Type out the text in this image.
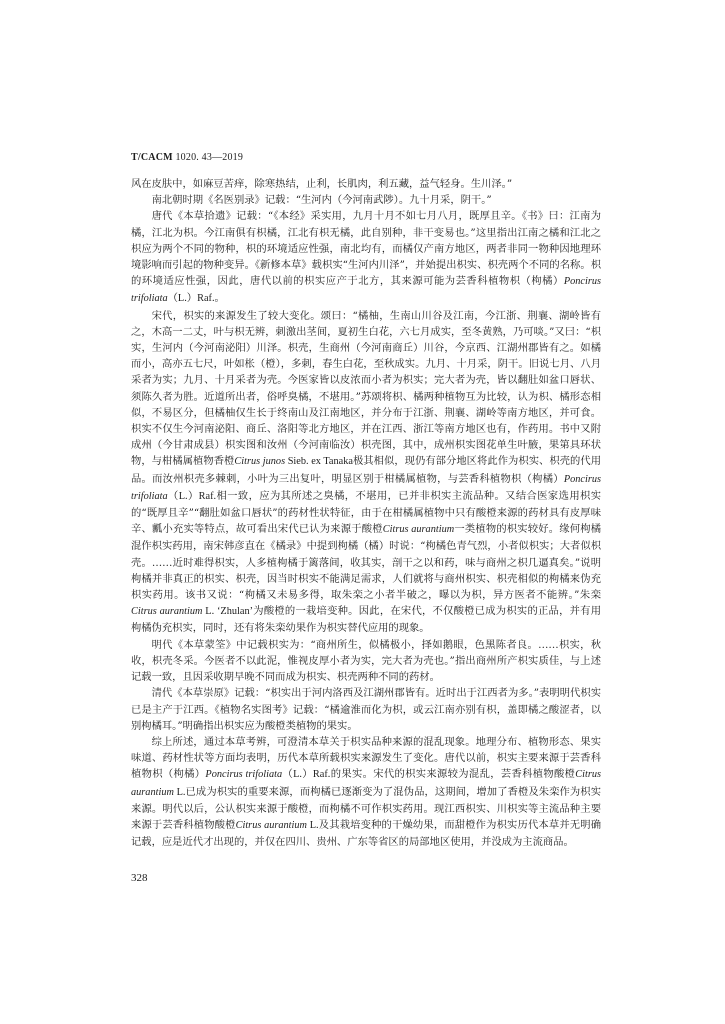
T/CACM 1020. 43—2019

风在皮肤中，如麻豆苦痒，除寒热结，止利，长肌肉，利五藏，益气轻身。生川泽。”

南北朝时期《名医别录》记载：“生河内（今河南武陟）。九十月采，阴干。”

唐代《本草拾遗》记载：“《本经》采实用，九月十月不如七月八月，既厚且辛。《书》曰：江南为橘，江北为枳。今江南俱有枳橘，江北有枳无橘，此自别种，非干变易也。”这里指出江南之橘和江北之枳应为两个不同的物种，枳的环境适应性强，南北均有，而橘仅产南方地区，两者非同一物种因地理环境影响而引起的物种变异。《新修本草》载枳实“生河内川泽”，并始提出枳实、枳壳两个不同的名称。枳的环境适应性强，因此，唐代以前的枳实应产于北方，其来源可能为芸香科植物枳（枸橘）Poncirus trifoliata（L.）Raf.。

宋代，枳实的来源发生了较大变化。颂曰：“橘柚，生南山川谷及江南，今江浙、荆襄、湖岭皆有之，木高一二丈，叶与枳无辨，刺激出茎间，夏初生白花，六七月成实，至冬黄熟，乃可啖。”又曰：“枳实，生河内（今河南泌阳）川泽。枳壳，生商州（今河南商丘）川谷，今京西、江湖州郡皆有之。如橘而小，高亦五七尺，叶如枨（橙），多刺，春生白花，至秋成实。九月、十月采，阴干。旧说七月、八月采者为实；九月、十月采者为壳。今医家皆以皮浓而小者为枳实；完大者为壳，皆以翻肚如盆口唇状、须陈久者为胜。近道所出者，俗呼臭橘，不堪用。”苏颂将枳、橘两种植物互为比较，认为枳、橘形态相似，不易区分，但橘柚仅生长于终南山及江南地区，并分布于江浙、荆襄、湖岭等南方地区，并可食。枳实不仅生今河南泌阳、商丘、洛阳等北方地区，并在江西、浙江等南方地区也有，作药用。书中又附成州（今甘肃成县）枳实图和汝州（今河南临汝）枳壳图，其中，成州枳实图花单生叶腋，果第具环状物，与柑橘属植物香橙Citrus junos Sieb. ex Tanaka极其相似，现仍有部分地区将此作为枳实、枳壳的代用品。而汝州枳壳多棘刺，小叶为三出复叶，明显区别于柑橘属植物，与芸香科植物枳（枸橘）Poncirus trifoliata（L.）Raf.相一致，应为其所述之臭橘，不堪用，已并非枳实主流品种。又结合医家选用枳实的“既厚且辛”“翻肚如盆口唇状”的药材性状特征，由于在柑橘属植物中只有酸橙来源的药材具有皮厚味辛、瓤小充实等特点，故可看出宋代已认为来源于酸橙Citrus aurantium一类植物的枳实较好。缘何枸橘混作枳实药用，南宋韩彦直在《橘录》中提到枸橘（橘）时说：“枸橘色青气烈，小者似枳实；大者似枳壳。……近时难得枳实，人多植枸橘于篱落间，收其实，剖干之以和药，味与商州之枳几逼真矣。”说明枸橘并非真正的枳实、枳壳，因当时枳实不能满足需求，人们就将与商州枳实、枳壳相似的枸橘来伪充枳实药用。该书又说：“枸橘又未易多得，取朱栾之小者半破之，曝以为枳，异方医者不能辨。”朱栾Citrus aurantium L. ‘Zhulan’为酸橙的一栽培变种。因此，在宋代，不仅酸橙已成为枳实的正品，并有用枸橘伪充枳实，同时，还有将朱栾幼果作为枳实替代应用的现象。

明代《本草蒙筌》中记载枳实为：“商州所生，似橘极小，择如鹅眼，色黑陈者良。……枳实，秋收，枳壳冬采。今医者不以此泥，惟视皮厚小者为实，完大者为壳也。”指出商州所产枳实质佳，与上述记载一致，且因采收期早晚不同而成为枳实、枳壳两种不同的药材。

清代《本草崇原》记载：“枳实出于河内洛西及江湖州郡皆有。近时出于江西者为多。”表明明代枳实已是主产于江西。《植物名实图考》记载：“橘逾淮而化为枳，或云江南亦别有枳，盖即橘之酸涩者，以别枸橘耳。”明确指出枳实应为酸橙类植物的果实。

综上所述，通过本草考辨，可澄清本草关于枳实品种来源的混乱现象。地理分布、植物形态、果实味道、药材性状等方面均表明，历代本草所载枳实来源发生了变化。唐代以前，枳实主要来源于芸香科植物枳（枸橘）Poncirus trifoliata（L.）Raf.的果实。宋代的枳实来源较为混乱，芸香科植物酸橙Citrus aurantium L.已成为枳实的重要来源，而枸橘已逐渐变为了混伪品，这期间，增加了香橙及朱栾作为枳实来源。明代以后，公认枳实来源于酸橙，而枸橘不可作枳实药用。现江西枳实、川枳实等主流品种主要来源于芸香科植物酸橙Citrus aurantium L.及其栽培变种的干燥幼果，而甜橙作为枳实历代本草并无明确记载，应是近代才出现的，并仅在四川、贵州、广东等省区的局部地区使用，并没成为主流商品。

328
